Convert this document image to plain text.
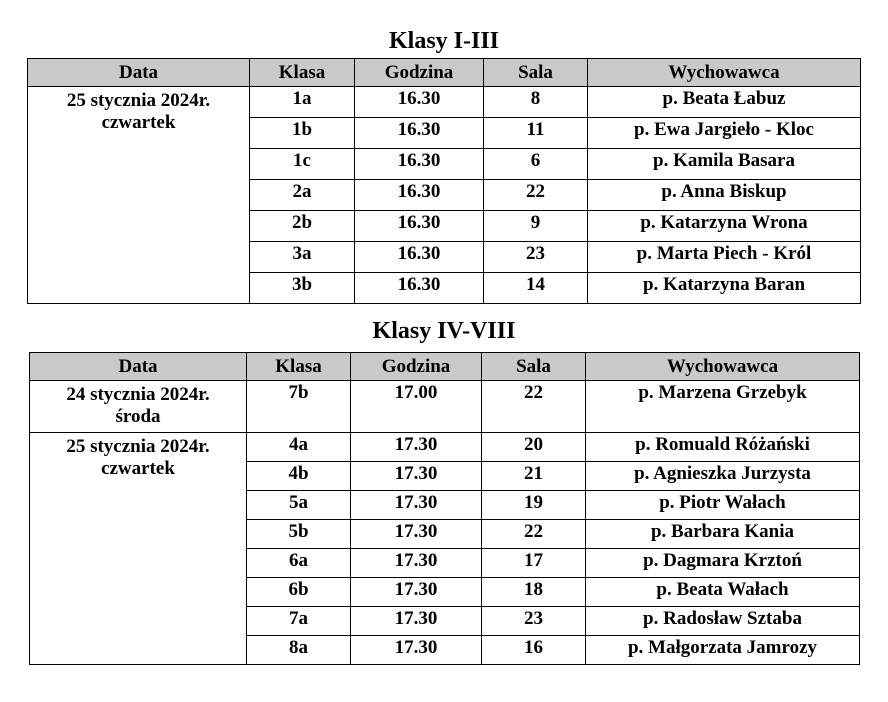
Klasy I-III
Data	Klasa	Godzina	Sala	Wychowawca

25 stycznia 2024r.
czwartek	1a	16.30	8	p. Beata Łabuz
	1b	16.30	11	p. Ewa Jargieło - Kloc
	1c	16.30	6	p. Kamila Basara
	2a	16.30	22	p. Anna Biskup
	2b	16.30	9	p. Katarzyna Wrona
	3a	16.30	23	p. Marta Piech - Król
	3b	16.30	14	p. Katarzyna Baran
Klasy IV-VIII
Data	Klasa	Godzina	Sala	Wychowawca

24 stycznia 2024r.
środa	7b	17.00	22	p. Marzena Grzebyk

25 stycznia 2024r.
czwartek	4a	17.30	20	p. Romuald Różański
	4b	17.30	21	p. Agnieszka Jurzysta
	5a	17.30	19	p. Piotr Wałach
	5b	17.30	22	p. Barbara Kania
	6a	17.30	17	p. Dagmara Krztoń
	6b	17.30	18	p. Beata Wałach
	7a	17.30	23	p. Radosław Sztaba
	8a	17.30	16	p. Małgorzata Jamrozy
